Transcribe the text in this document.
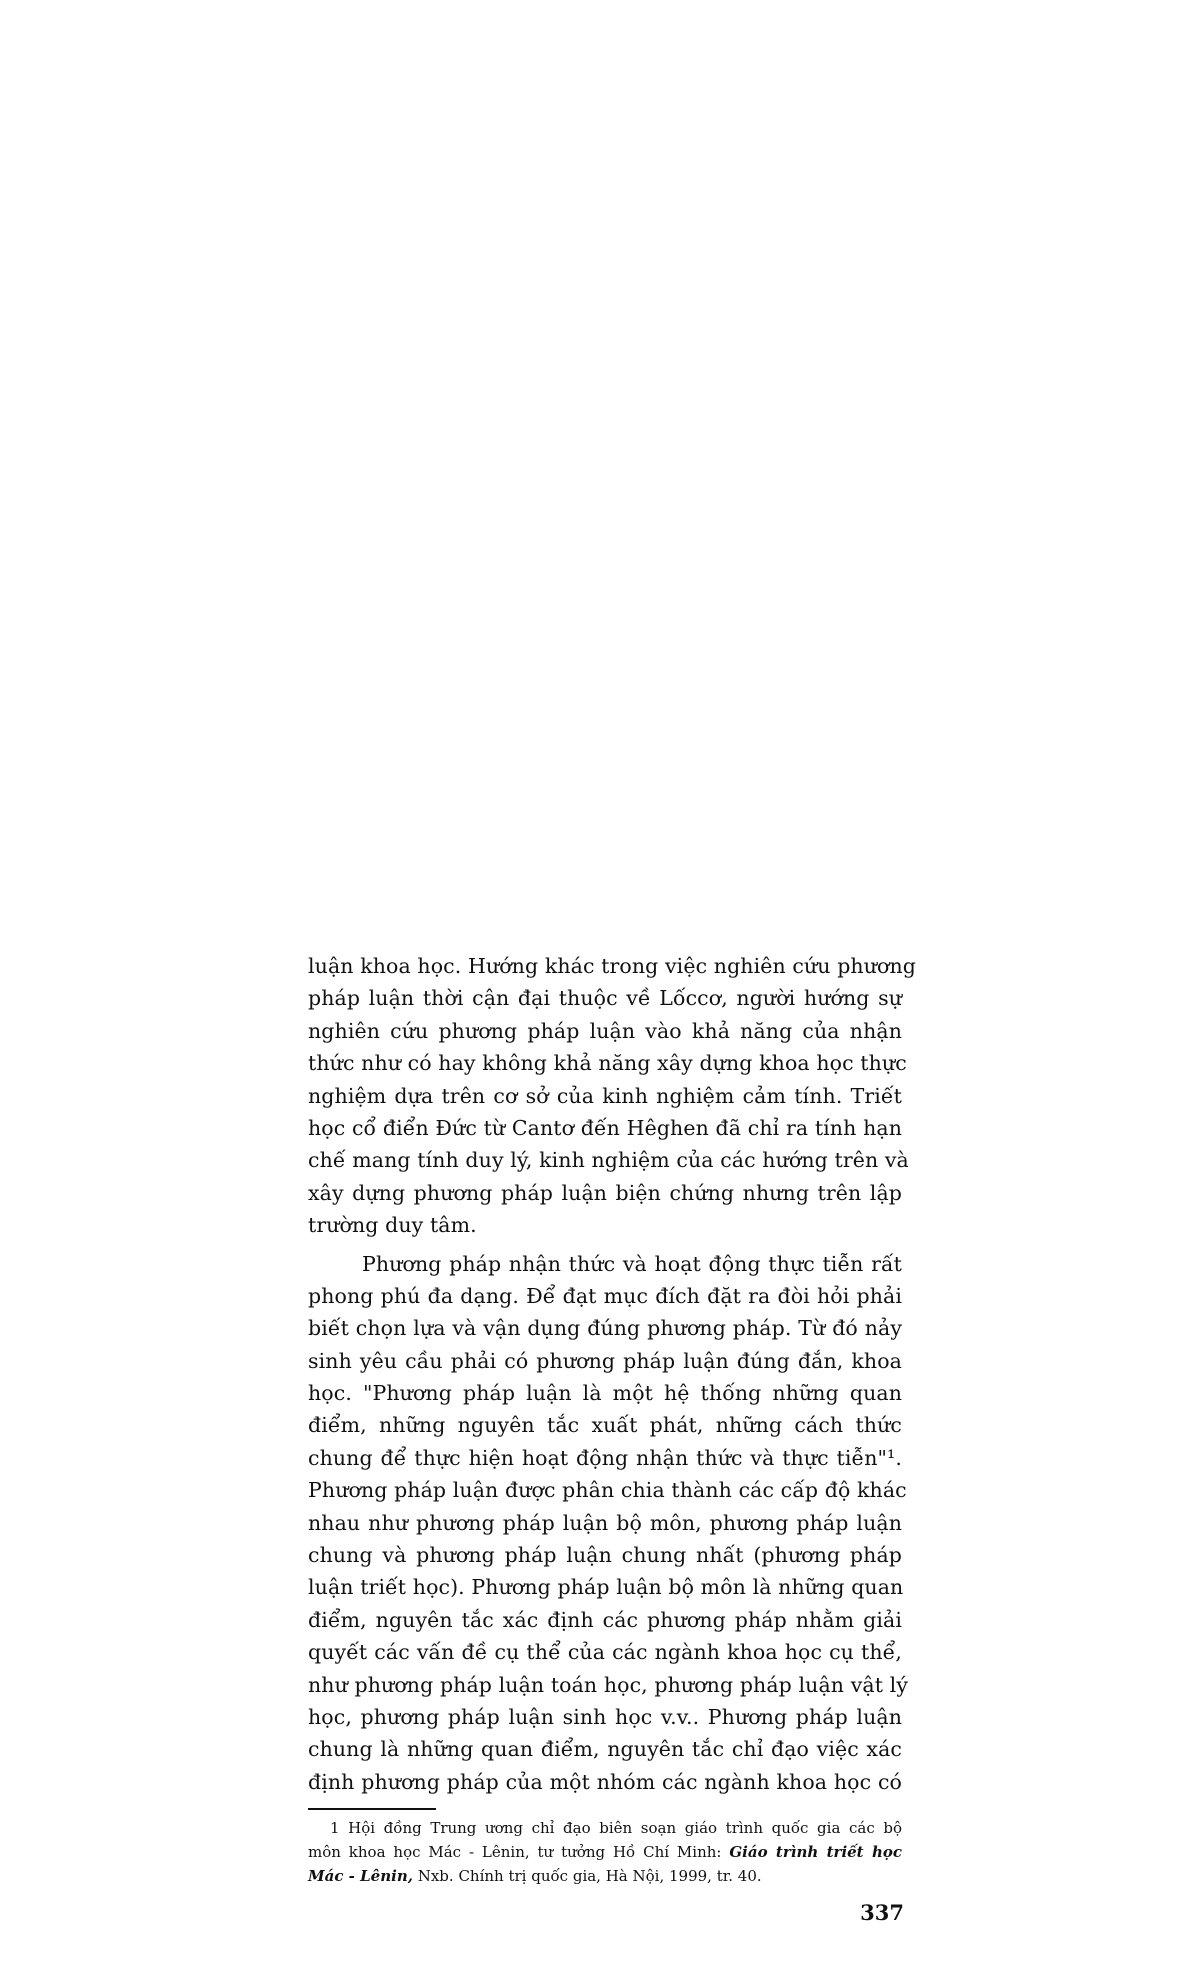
luận khoa học. Hướng khác trong việc nghiên cứu phương
pháp luận thời cận đại thuộc về Lốccơ, người hướng sự
nghiên cứu phương pháp luận vào khả năng của nhận
thức như có hay không khả năng xây dựng khoa học thực
nghiệm dựa trên cơ sở của kinh nghiệm cảm tính. Triết
học cổ điển Đức từ Cantơ đến Hêghen đã chỉ ra tính hạn
chế mang tính duy lý, kinh nghiệm của các hướng trên và
xây dựng phương pháp luận biện chứng nhưng trên lập
trường duy tâm.
Phương pháp nhận thức và hoạt động thực tiễn rất
phong phú đa dạng. Để đạt mục đích đặt ra đòi hỏi phải
biết chọn lựa và vận dụng đúng phương pháp. Từ đó nảy
sinh yêu cầu phải có phương pháp luận đúng đắn, khoa
học. "Phương pháp luận là một hệ thống những quan
điểm, những nguyên tắc xuất phát, những cách thức
chung để thực hiện hoạt động nhận thức và thực tiễn"¹.
Phương pháp luận được phân chia thành các cấp độ khác
nhau như phương pháp luận bộ môn, phương pháp luận
chung và phương pháp luận chung nhất (phương pháp
luận triết học). Phương pháp luận bộ môn là những quan
điểm, nguyên tắc xác định các phương pháp nhằm giải
quyết các vấn đề cụ thể của các ngành khoa học cụ thể,
như phương pháp luận toán học, phương pháp luận vật lý
học, phương pháp luận sinh học v.v.. Phương pháp luận
chung là những quan điểm, nguyên tắc chỉ đạo việc xác
định phương pháp của một nhóm các ngành khoa học có
1 Hội đồng Trung ương chỉ đạo biên soạn giáo trình quốc gia các bộ
môn khoa học Mác - Lênin, tư tưởng Hồ Chí Minh: Giáo trình triết học
Mác - Lênin, Nxb. Chính trị quốc gia, Hà Nội, 1999, tr. 40.
337
